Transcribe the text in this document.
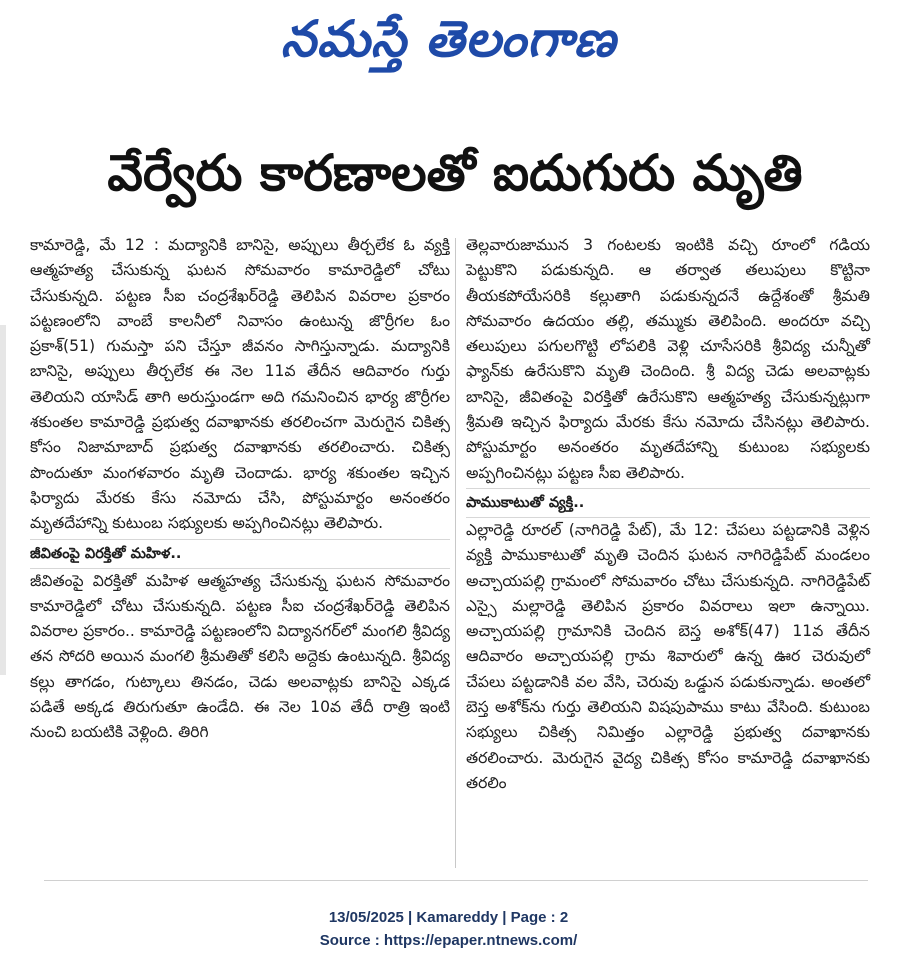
నమస్తే తెలంగాణ
వేర్వేరు కారణాలతో ఐదుగురు మృతి

కామారెడ్డి, మే 12 : మద్యానికి బానిసై, అప్పులు తీర్చలేక ఓ వ్యక్తి ఆత్మహత్య చేసుకున్న ఘటన సోమవారం కామారెడ్డిలో చోటు చేసుకున్నది. పట్టణ సీఐ చంద్రశేఖర్‌రెడ్డి తెలిపిన వివరాల ప్రకారం పట్టణంలోని వాంబే కాలనీలో నివాసం ఉంటున్న జొర్రీగల ఓం ప్రకాశ్(51) గుమస్తా పని చేస్తూ జీవనం సాగిస్తున్నాడు. మద్యానికి బానిసై, అప్పులు తీర్చలేక ఈ నెల 11వ తేదీన ఆదివారం గుర్తు తెలియని యాసిడ్ తాగి అరుస్తుండగా అది గమనించిన భార్య జొర్రీగల శకుంతల కామారెడ్డి ప్రభుత్వ దవాఖానకు తరలించగా మెరుగైన చికిత్స కోసం నిజామాబాద్ ప్రభుత్వ దవాఖానకు తరలించారు. చికిత్స పొందుతూ మంగళవారం మృతి చెందాడు. భార్య శకుంతల ఇచ్చిన ఫిర్యాదు మేరకు కేసు నమోదు చేసి, పోస్టుమార్టం అనంతరం మృతదేహాన్ని కుటుంబ సభ్యులకు అప్పగించినట్లు తెలిపారు.

జీవితంపై విరక్తితో మహిళ..

జీవితంపై విరక్తితో మహిళ ఆత్మహత్య చేసుకున్న ఘటన సోమవారం కామారెడ్డిలో చోటు చేసుకున్నది. పట్టణ సీఐ చంద్రశేఖర్‌రెడ్డి తెలిపిన వివరాల ప్రకారం.. కామారెడ్డి పట్టణంలోని విద్యానగర్‌లో మంగలి శ్రీవిద్య తన సోదరి అయిన మంగలి శ్రీమతితో కలిసి అద్దెకు ఉంటున్నది. శ్రీవిద్య కల్లు తాగడం, గుట్కాలు తినడం, చెడు అలవాట్లకు బానిసై ఎక్కడ పడితే అక్కడ తిరుగుతూ ఉండేది. ఈ నెల 10వ తేదీ రాత్రి ఇంటి నుంచి బయటికి వెళ్లింది. తిరిగి

తెల్లవారుజామున 3 గంటలకు ఇంటికి వచ్చి రూంలో గడియ పెట్టుకొని పడుకున్నది. ఆ తర్వాత తలుపులు కొట్టినా తీయకపోయేసరికి కల్లుతాగి పడుకున్నదనే ఉద్దేశంతో శ్రీమతి సోమవారం ఉదయం తల్లి, తమ్ముకు తెలిపింది. అందరూ వచ్చి తలుపులు పగులగొట్టి లోపలికి వెళ్లి చూసేసరికి శ్రీవిద్య చున్నీతో ఫ్యాన్‌కు ఉరేసుకొని మృతి చెందింది. శ్రీ విద్య చెడు అలవాట్లకు బానిసై, జీవితంపై విరక్తితో ఉరేసుకొని ఆత్మహత్య చేసుకున్నట్లుగా శ్రీమతి ఇచ్చిన ఫిర్యాదు మేరకు కేసు నమోదు చేసినట్లు తెలిపారు. పోస్టుమార్టం అనంతరం మృతదేహాన్ని కుటుంబ సభ్యులకు అప్పగించినట్లు పట్టణ సీఐ తెలిపారు.

పాముకాటుతో వ్యక్తి..

ఎల్లారెడ్డి రూరల్ (నాగిరెడ్డి పేట్), మే 12: చేపలు పట్టడానికి వెళ్లిన వ్యక్తి పాముకాటుతో మృతి చెందిన ఘటన నాగిరెడ్డిపేట్ మండలం అచ్చాయపల్లి గ్రామంలో సోమవారం చోటు చేసుకున్నది. నాగిరెడ్డిపేట్ ఎస్సై మల్లారెడ్డి తెలిపిన ప్రకారం వివరాలు ఇలా ఉన్నాయి. అచ్చాయపల్లి గ్రామానికి చెందిన బెస్త అశోక్(47) 11వ తేదీన ఆదివారం అచ్చాయపల్లి గ్రామ శివారులో ఉన్న ఊర చెరువులో చేపలు పట్టడానికి వల వేసి, చెరువు ఒడ్డున పడుకున్నాడు. అంతలో బెస్త అశోక్‌ను గుర్తు తెలియని విషపుపాము కాటు వేసింది. కుటుంబ సభ్యులు చికిత్స నిమిత్తం ఎల్లారెడ్డి ప్రభుత్వ దవాఖానకు తరలించారు. మెరుగైన వైద్య చికిత్స కోసం కామారెడ్డి దవాఖానకు తరలిం

13/05/2025 | Kamareddy | Page : 2
Source : https://epaper.ntnews.com/
